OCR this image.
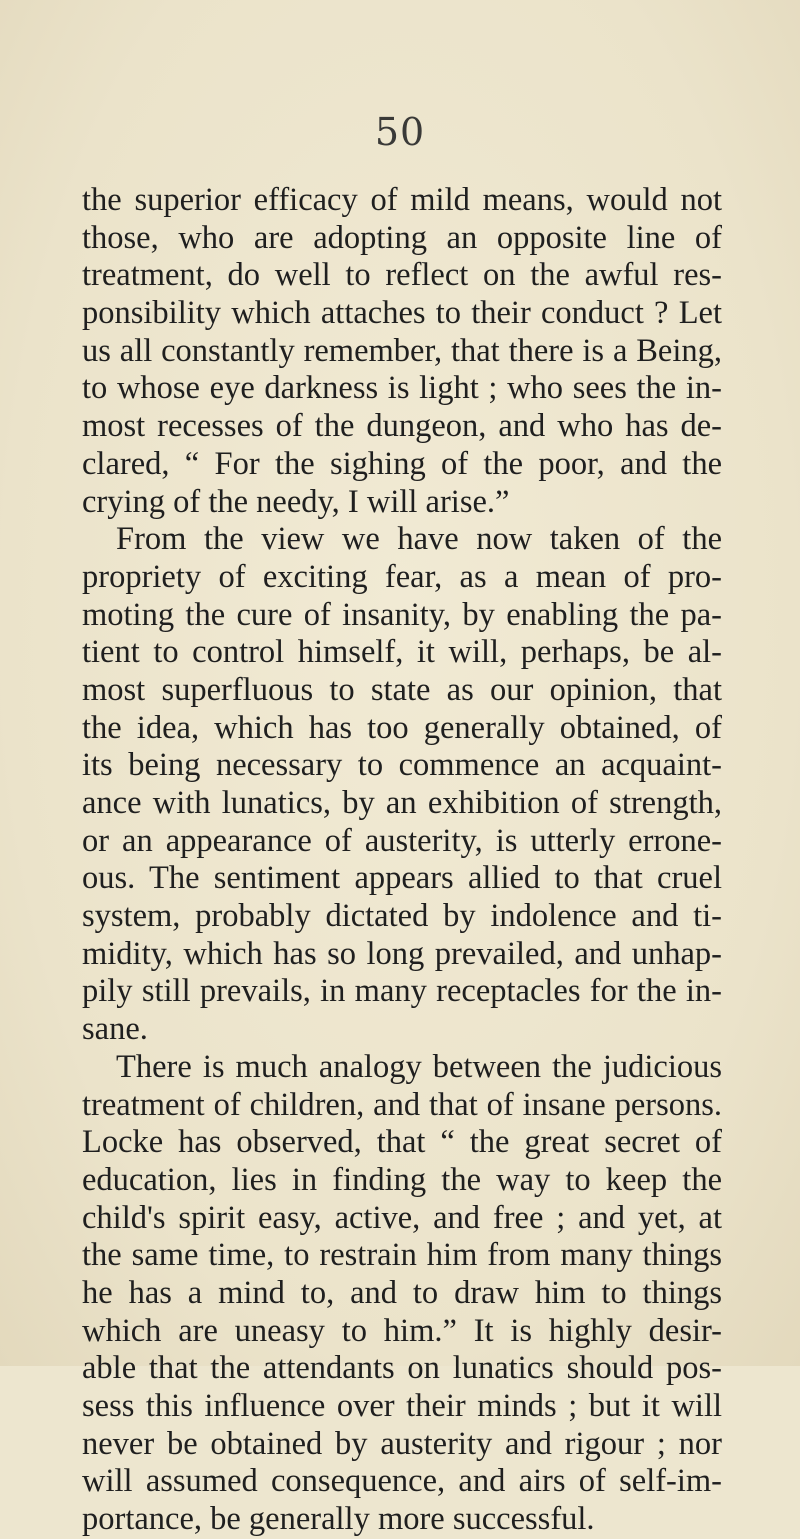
50
the superior efficacy of mild means, would not
those, who are adopting an opposite line of
treatment, do well to reflect on the awful res-
ponsibility which attaches to their conduct ? Let
us all constantly remember, that there is a Being,
to whose eye darkness is light ; who sees the in-
most recesses of the dungeon, and who has de-
clared, “ For the sighing of the poor, and the
crying of the needy, I will arise.”
From the view we have now taken of the
propriety of exciting fear, as a mean of pro-
moting the cure of insanity, by enabling the pa-
tient to control himself, it will, perhaps, be al-
most superfluous to state as our opinion, that
the idea, which has too generally obtained, of
its being necessary to commence an acquaint-
ance with lunatics, by an exhibition of strength,
or an appearance of austerity, is utterly errone-
ous. The sentiment appears allied to that cruel
system, probably dictated by indolence and ti-
midity, which has so long prevailed, and unhap-
pily still prevails, in many receptacles for the in-
sane.
There is much analogy between the judicious
treatment of children, and that of insane persons.
Locke has observed, that “ the great secret of
education, lies in finding the way to keep the
child's spirit easy, active, and free ; and yet, at
the same time, to restrain him from many things
he has a mind to, and to draw him to things
which are uneasy to him.” It is highly desir-
able that the attendants on lunatics should pos-
sess this influence over their minds ; but it will
never be obtained by austerity and rigour ; nor
will assumed consequence, and airs of self-im-
portance, be generally more successful.
